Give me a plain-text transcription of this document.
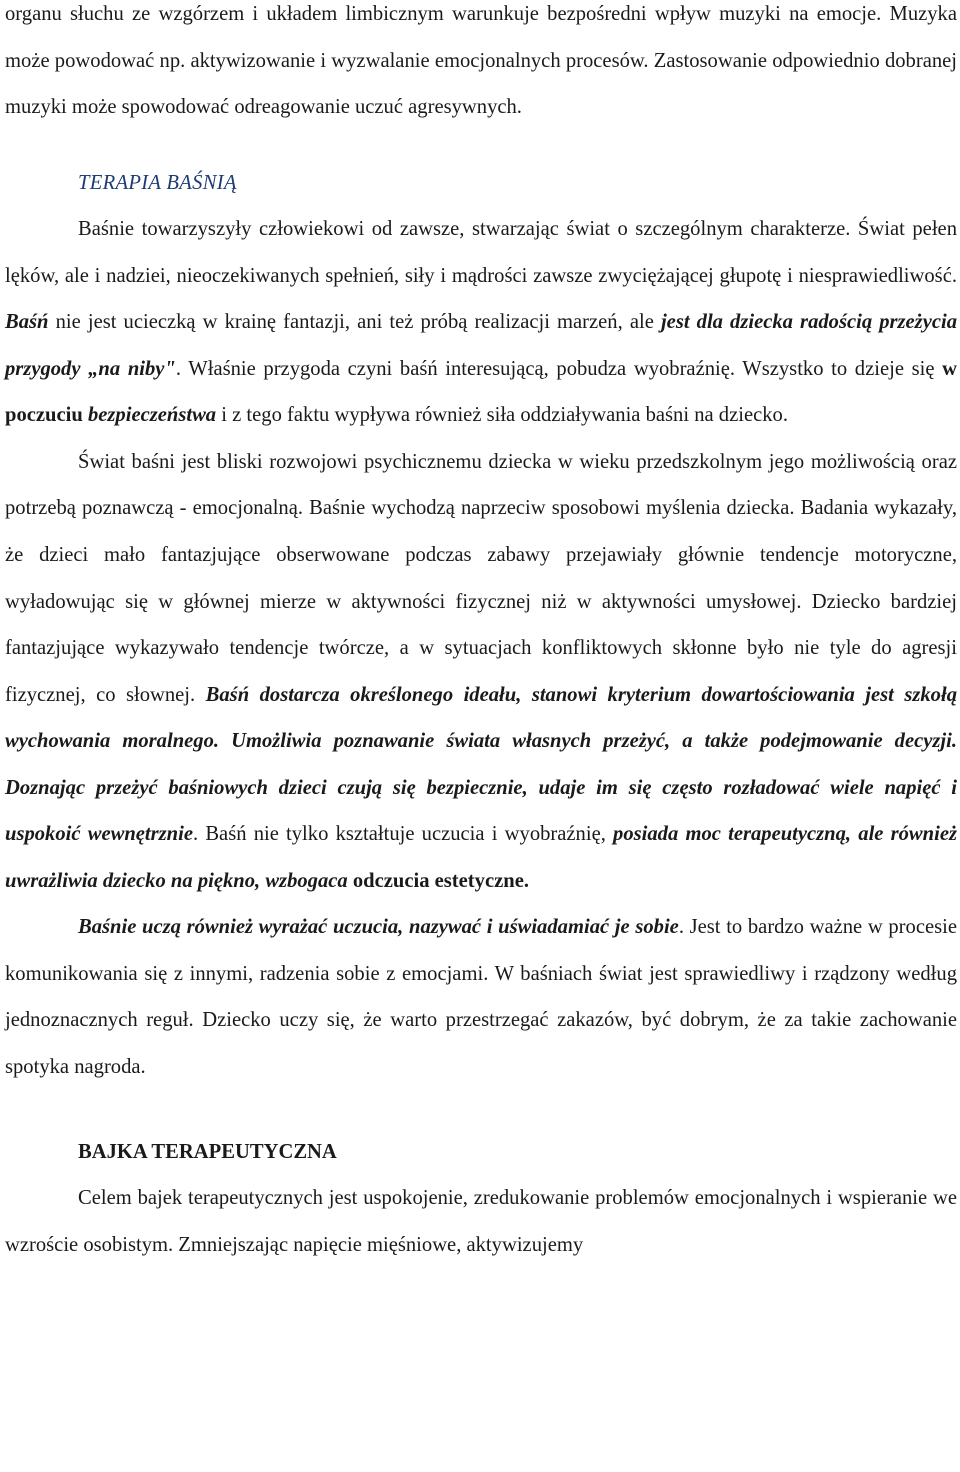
organu słuchu ze wzgórzem i układem limbicznym warunkuje bezpośredni wpływ muzyki na emocje. Muzyka może powodować np. aktywizowanie i wyzwalanie emocjonalnych procesów. Zastosowanie odpowiednio dobranej muzyki może spowodować odreagowanie uczuć agresywnych.

TERAPIA BAŚNIĄ

Baśnie towarzyszyły człowiekowi od zawsze, stwarzając świat o szczególnym charakterze. Świat pełen lęków, ale i nadziei, nieoczekiwanych spełnień, siły i mądrości zawsze zwyciężającej głupotę i niesprawiedliwość. Baśń nie jest ucieczką w krainę fantazji, ani też próbą realizacji marzeń, ale jest dla dziecka radością przeżycia przygody „na niby". Właśnie przygoda czyni baśń interesującą, pobudza wyobraźnię. Wszystko to dzieje się w poczuciu bezpieczeństwa i z tego faktu wypływa również siła oddziaływania baśni na dziecko.

Świat baśni jest bliski rozwojowi psychicznemu dziecka w wieku przedszkolnym jego możliwością oraz potrzebą poznawczą - emocjonalną. Baśnie wychodzą naprzeciw sposobowi myślenia dziecka. Badania wykazały, że dzieci mało fantazjujące obserwowane podczas zabawy przejawiały głównie tendencje motoryczne, wyładowując się w głównej mierze w aktywności fizycznej niż w aktywności umysłowej. Dziecko bardziej fantazjujące wykazywało tendencje twórcze, a w sytuacjach konfliktowych skłonne było nie tyle do agresji fizycznej, co słownej. Baśń dostarcza określonego ideału, stanowi kryterium dowartościowania jest szkołą wychowania moralnego. Umożliwia poznawanie świata własnych przeżyć, a także podejmowanie decyzji. Doznając przeżyć baśniowych dzieci czują się bezpiecznie, udaje im się często rozładować wiele napięć i uspokoić wewnętrznie. Baśń nie tylko kształtuje uczucia i wyobraźnię, posiada moc terapeutyczną, ale również uwrażliwia dziecko na piękno, wzbogaca odczucia estetyczne.

Baśnie uczą również wyrażać uczucia, nazywać i uświadamiać je sobie. Jest to bardzo ważne w procesie komunikowania się z innymi, radzenia sobie z emocjami. W baśniach świat jest sprawiedliwy i rządzony według jednoznacznych reguł. Dziecko uczy się, że warto przestrzegać zakazów, być dobrym, że za takie zachowanie spotyka nagroda.

BAJKA TERAPEUTYCZNA

Celem bajek terapeutycznych jest uspokojenie, zredukowanie problemów emocjonalnych i wspieranie we wzroście osobistym. Zmniejszając napięcie mięśniowe, aktywizujemy
